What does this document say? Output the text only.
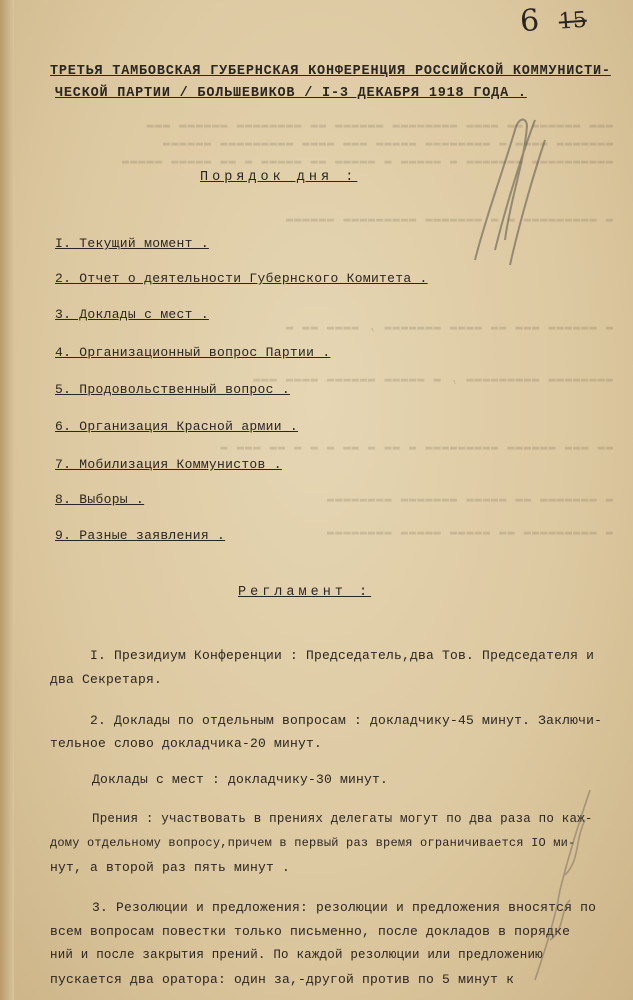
▬▬▬ ▬▬▬▬▬▬ ▬▬ ▬▬▬▬ ▬▬▬▬▬▬▬▬ ▬▬▬▬▬▬ ▬▬ ▬▬▬▬▬▬▬▬ ▬▬▬▬▬▬ ▬▬▬
▬▬▬▬▬▬▬ ▬▬▬▬ ▬ ▬▬▬▬▬▬▬▬ ▬▬▬▬▬ ▬▬▬ ▬▬▬▬ ▬▬▬▬▬▬▬▬▬ ▬▬▬▬▬▬
▬▬▬▬▬▬▬▬▬▬ ▬▬▬▬▬▬▬ ▬ ▬▬▬▬▬ ▬ ▬▬▬▬▬ ▬▬ ▬▬▬▬▬ ▬ ▬▬ ▬▬▬▬▬ ▬▬▬▬▬
▬ ▬▬▬▬▬▬▬▬▬ ▬ ▬ ▬▬▬▬▬▬▬ ▬▬▬▬▬▬▬▬▬ ▬▬▬▬▬▬
▬ ▬▬▬▬▬▬ ▬▬▬ ▬▬ ▬▬▬▬ ▬▬▬▬▬▬▬ , ▬▬▬▬ ▬▬ ▬
▬▬▬▬▬▬▬▬ ▬▬▬▬▬▬▬▬▬ , ▬ ▬▬▬▬▬ ▬▬▬▬▬▬ ▬▬▬▬ ▬▬▬
▬▬ ▬▬▬ ▬▬▬▬▬▬ ▬▬▬▬▬▬▬▬▬ ▬ ▬▬ ▬ ▬▬ ▬ ▬ ▬ ▬▬ ▬▬▬ ▬
▬ ▬▬▬▬▬▬▬ ▬▬ ▬▬▬▬▬ ▬▬▬▬▬▬▬ ▬▬▬▬▬▬▬▬
▬ ▬▬▬▬▬▬▬▬▬ ▬▬ ▬▬▬▬▬ ▬▬▬▬▬ ▬▬▬▬▬▬▬▬
6 15
ТРЕТЬЯ ТАМБОВСКАЯ ГУБЕРНСКАЯ КОНФЕРЕНЦИЯ РОССИЙСКОЙ КОММУНИСТИ-
ЧЕСКОЙ ПАРТИИ / БОЛЬШЕВИКОВ / I-3 ДЕКАБРЯ 1918 ГОДА .
Порядок дня :
I. Текущий момент .
2. Отчет о деятельности Губернского Комитета .
3. Доклады с мест .
4. Организационный вопрос Партии .
5. Продовольственный вопрос .
6. Организация Красной армии .
7. Мобилизация Коммунистов .
8. Выборы .
9. Разные заявления .
Регламент :
I. Президиум Конференции : Председатель,два Тов. Председателя и
два Секретаря.
2. Доклады по отдельным вопросам : докладчику-45 минут. Заключи-
тельное слово докладчика-20 минут.
Доклады с мест : докладчику-30 минут.
Прения : участвовать в прениях делегаты могут по два раза по каж-
дому отдельному вопросу,причем в первый раз время ограничивается IO ми-
нут, а второй раз пять минут .
3. Резолюции и предложения: резолюции и предложения вносятся по
всем вопросам повестки только письменно, после докладов в порядке
ний и после закрытия прений. По каждой резолюции или предложению
пускается два оратора: один за,-другой против по 5 минут к
